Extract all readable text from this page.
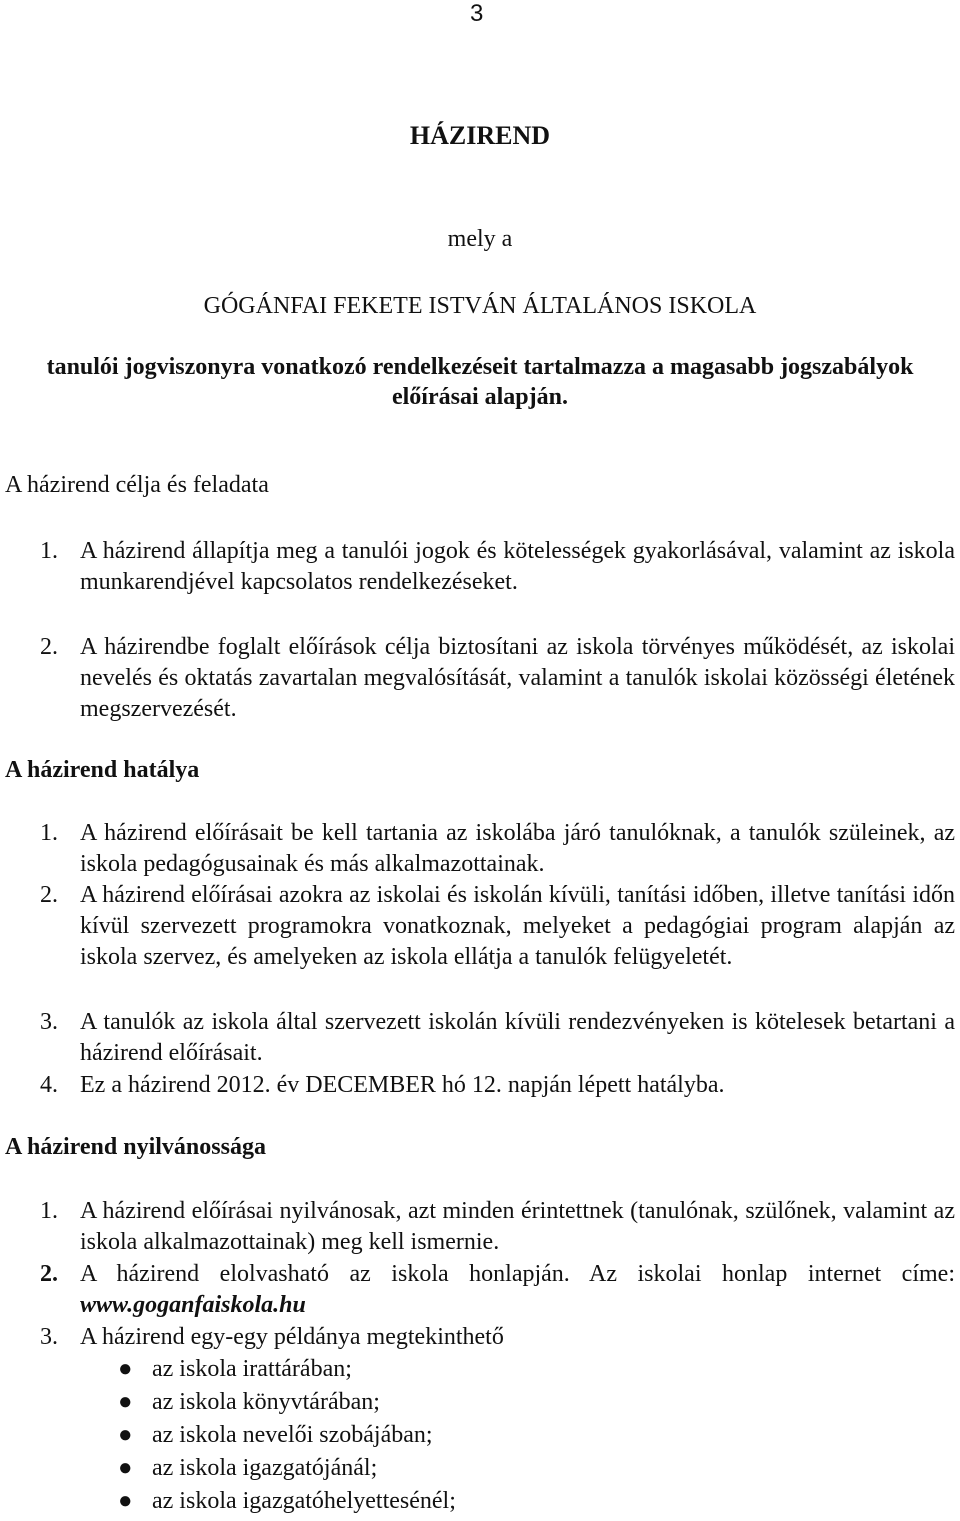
3
HÁZIREND
mely a
GÓGÁNFAI FEKETE ISTVÁN ÁLTALÁNOS ISKOLA
tanulói jogviszonyra vonatkozó rendelkezéseit tartalmazza a magasabb jogszabályok előírásai alapján.
A házirend célja és feladata
1. A házirend állapítja meg a tanulói jogok és kötelességek gyakorlásával, valamint az iskola munkarendjével kapcsolatos rendelkezéseket.
2. A házirendbe foglalt előírások célja biztosítani az iskola törvényes működését, az iskolai nevelés és oktatás zavartalan megvalósítását, valamint a tanulók iskolai közösségi életének megszervezését.
A házirend hatálya
1. A házirend előírásait be kell tartania az iskolába járó tanulóknak, a tanulók szüleinek, az iskola pedagógusainak és más alkalmazottainak.
2. A házirend előírásai azokra az iskolai és iskolán kívüli, tanítási időben, illetve tanítási időn kívül szervezett programokra vonatkoznak, melyeket a pedagógiai program alapján az iskola szervez, és amelyeken az iskola ellátja a tanulók felügyeletét.
3. A tanulók az iskola által szervezett iskolán kívüli rendezvényeken is kötelesek betartani a házirend előírásait.
4. Ez a házirend 2012. év DECEMBER hó 12. napján lépett hatályba.
A házirend nyilvánossága
1. A házirend előírásai nyilvánosak, azt minden érintettnek (tanulónak, szülőnek, valamint az iskola alkalmazottainak) meg kell ismernie.
2. A házirend elolvasható az iskola honlapján. Az iskolai honlap internet címe: www.goganfaiskola.hu
3. A házirend egy-egy példánya megtekinthető
● az iskola irattárában;
● az iskola könyvtárában;
● az iskola nevelői szobájában;
● az iskola igazgatójánál;
● az iskola igazgatóhelyettesénél;
